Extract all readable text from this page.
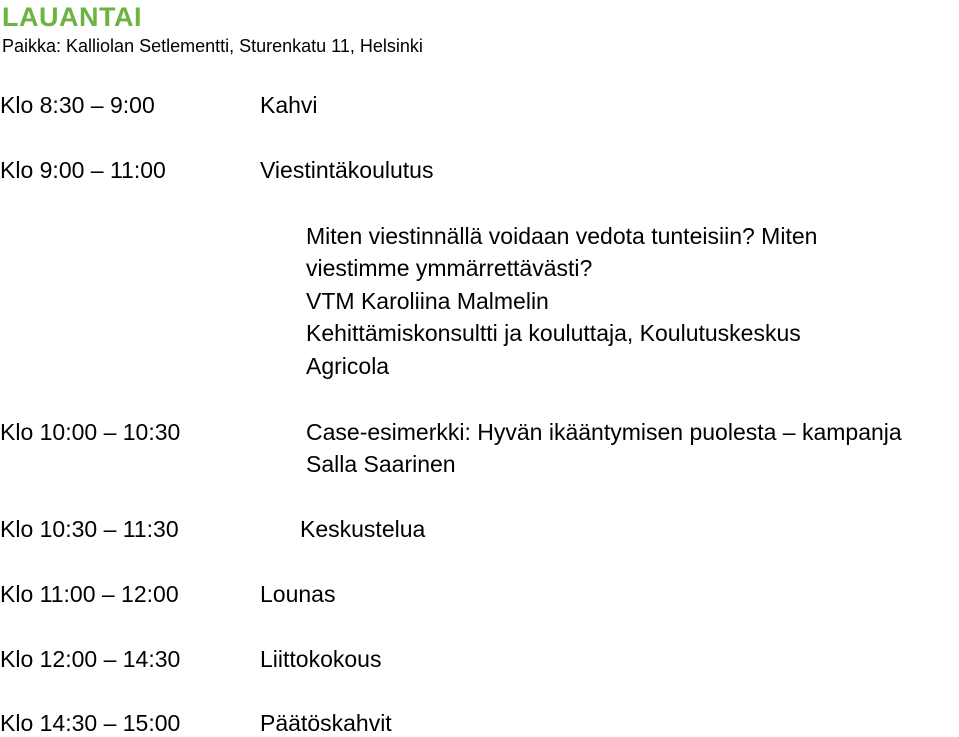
LAUANTAI
Paikka: Kalliolan Setlementti, Sturenkatu 11, Helsinki
Klo 8:30 – 9:00	Kahvi
Klo 9:00 – 11:00	Viestintäkoulutus
Miten viestinnällä voidaan vedota tunteisiin? Miten
viestimme ymmärrettävästi?
VTM Karoliina Malmelin
Kehittämiskonsultti ja kouluttaja, Koulutuskeskus
Agricola
Klo 10:00 – 10:30	Case-esimerkki: Hyvän ikääntymisen puolesta – kampanja
Salla Saarinen
Klo 10:30 – 11:30	Keskustelua
Klo 11:00 – 12:00	Lounas
Klo 12:00 – 14:30	Liittokokous
Klo 14:30 – 15:00	Päätöskahvit
